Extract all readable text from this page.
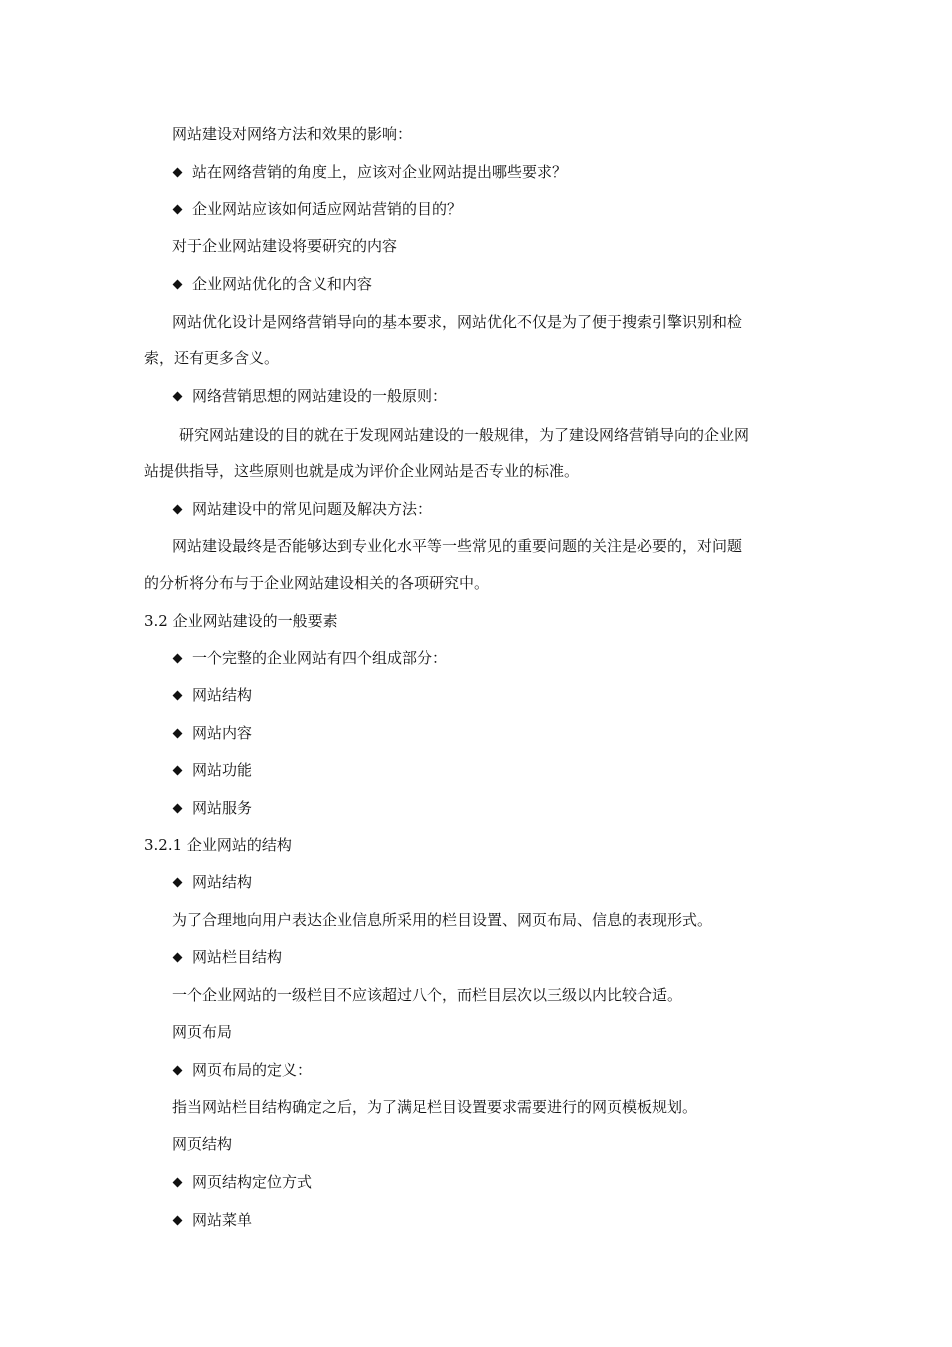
网站建设对网络方法和效果的影响：
站在网络营销的角度上，应该对企业网站提出哪些要求？
企业网站应该如何适应网站营销的目的？
对于企业网站建设将要研究的内容
企业网站优化的含义和内容
网站优化设计是网络营销导向的基本要求，网站优化不仅是为了便于搜索引擎识别和检
索，还有更多含义。
网络营销思想的网站建设的一般原则：
研究网站建设的目的就在于发现网站建设的一般规律，为了建设网络营销导向的企业网
站提供指导，这些原则也就是成为评价企业网站是否专业的标准。
网站建设中的常见问题及解决方法：
网站建设最终是否能够达到专业化水平等一些常见的重要问题的关注是必要的，对问题
的分析将分布与于企业网站建设相关的各项研究中。
3.2 企业网站建设的一般要素
一个完整的企业网站有四个组成部分：
网站结构
网站内容
网站功能
网站服务
3.2.1 企业网站的结构
网站结构
为了合理地向用户表达企业信息所采用的栏目设置、网页布局、信息的表现形式。
网站栏目结构
一个企业网站的一级栏目不应该超过八个，而栏目层次以三级以内比较合适。
网页布局
网页布局的定义：
指当网站栏目结构确定之后，为了满足栏目设置要求需要进行的网页模板规划。
网页结构
网页结构定位方式
网站菜单
